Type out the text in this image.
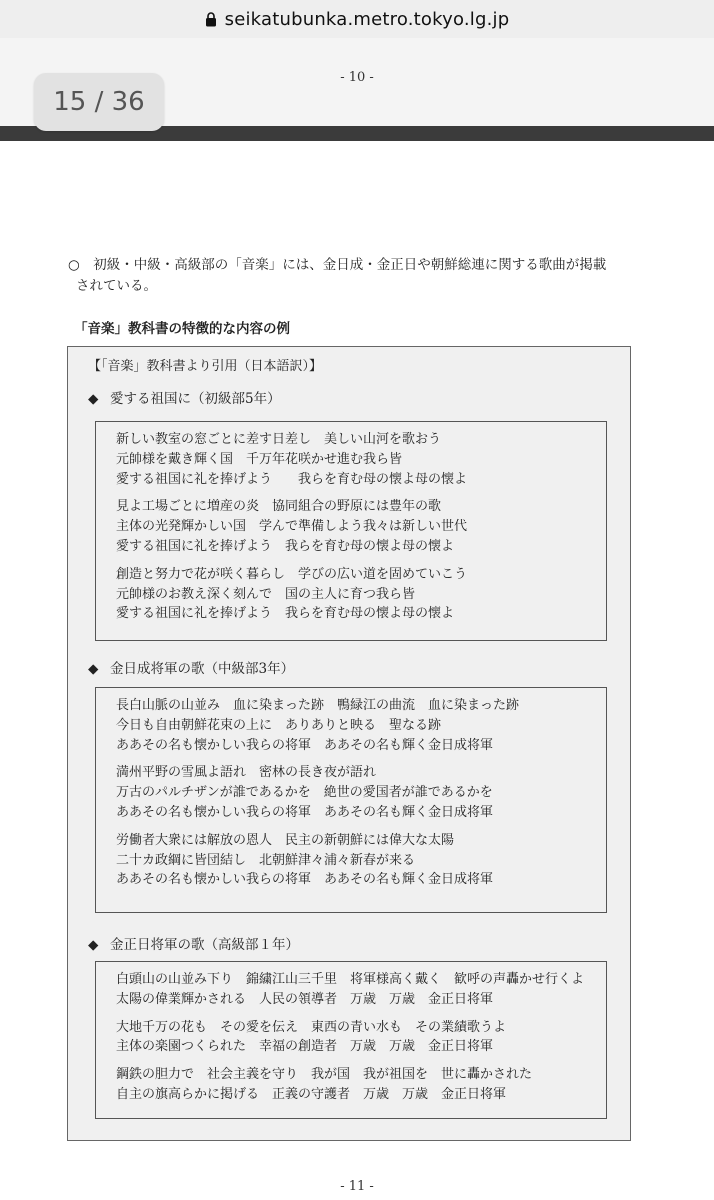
seikatubunka.metro.tokyo.lg.jp
- 10 -
15 / 36
○　初級・中級・高級部の「音楽」には、金日成・金正日や朝鮮総連に関する歌曲が掲載
されている。
「音楽」教科書の特徴的な内容の例
【「音楽」教科書より引用（日本語訳）】
◆ 愛する祖国に（初級部5年）
新しい教室の窓ごとに差す日差し　美しい山河を歌おう
元帥様を戴き輝く国　千万年花咲かせ進む我ら皆
愛する祖国に礼を捧げよう　　我らを育む母の懐よ母の懐よ
見よ工場ごとに増産の炎　協同組合の野原には豊年の歌
主体の光発輝かしい国　学んで準備しよう我々は新しい世代
愛する祖国に礼を捧げよう　我らを育む母の懐よ母の懐よ
創造と努力で花が咲く暮らし　学びの広い道を固めていこう
元帥様のお教え深く刻んで　国の主人に育つ我ら皆
愛する祖国に礼を捧げよう　我らを育む母の懐よ母の懐よ
◆ 金日成将軍の歌（中級部3年）
長白山脈の山並み　血に染まった跡　鴨緑江の曲流　血に染まった跡
今日も自由朝鮮花束の上に　ありありと映る　聖なる跡
ああその名も懐かしい我らの将軍　ああその名も輝く金日成将軍
満州平野の雪風よ語れ　密林の長き夜が語れ
万古のパルチザンが誰であるかを　絶世の愛国者が誰であるかを
ああその名も懐かしい我らの将軍　ああその名も輝く金日成将軍
労働者大衆には解放の恩人　民主の新朝鮮には偉大な太陽
二十カ政綱に皆団結し　北朝鮮津々浦々新春が来る
ああその名も懐かしい我らの将軍　ああその名も輝く金日成将軍
◆ 金正日将軍の歌（高級部１年）
白頭山の山並み下り　錦繍江山三千里　将軍様高く戴く　歓呼の声轟かせ行くよ
太陽の偉業輝かされる　人民の領導者　万歳　万歳　金正日将軍
大地千万の花も　その愛を伝え　東西の青い水も　その業績歌うよ
主体の楽園つくられた　幸福の創造者　万歳　万歳　金正日将軍
鋼鉄の胆力で　社会主義を守り　我が国　我が祖国を　世に轟かされた
自主の旗高らかに掲げる　正義の守護者　万歳　万歳　金正日将軍
- 11 -
